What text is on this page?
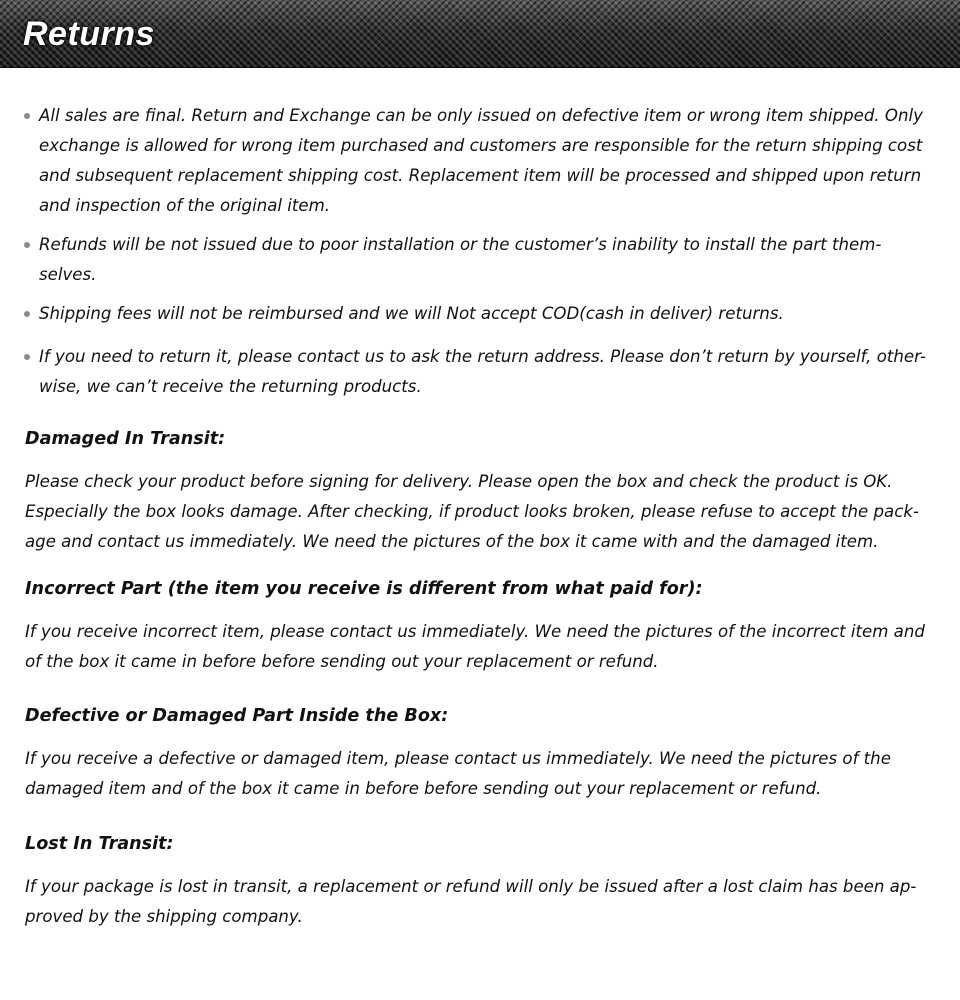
Returns
All sales are final. Return and Exchange can be only issued on defective item or wrong item shipped. Only exchange is allowed for wrong item purchased and customers are responsible for the return shipping cost and subsequent replacement shipping cost. Replacement item will be processed and shipped upon return and inspection of the original item.
Refunds will be not issued due to poor installation or the customer’s inability to install the part them-selves.
Shipping fees will not be reimbursed and we will Not accept COD(cash in deliver) returns.
If you need to return it, please contact us to ask the return address. Please don’t return by yourself, other-wise, we can’t receive the returning products.
Damaged In Transit:

Please check your product before signing for delivery. Please open the box and check the product is OK. Especially the box looks damage. After checking, if product looks broken, please refuse to accept the pack-age and contact us immediately. We need the pictures of the box it came with and the damaged item.

Incorrect Part (the item you receive is different from what paid for):

If you receive incorrect item, please contact us immediately. We need the pictures of the incorrect item and of the box it came in before before sending out your replacement or refund.

Defective or Damaged Part Inside the Box:

If you receive a defective or damaged item, please contact us immediately. We need the pictures of the damaged item and of the box it came in before before sending out your replacement or refund.

Lost In Transit:

If your package is lost in transit, a replacement or refund will only be issued after a lost claim has been ap-proved by the shipping company.
